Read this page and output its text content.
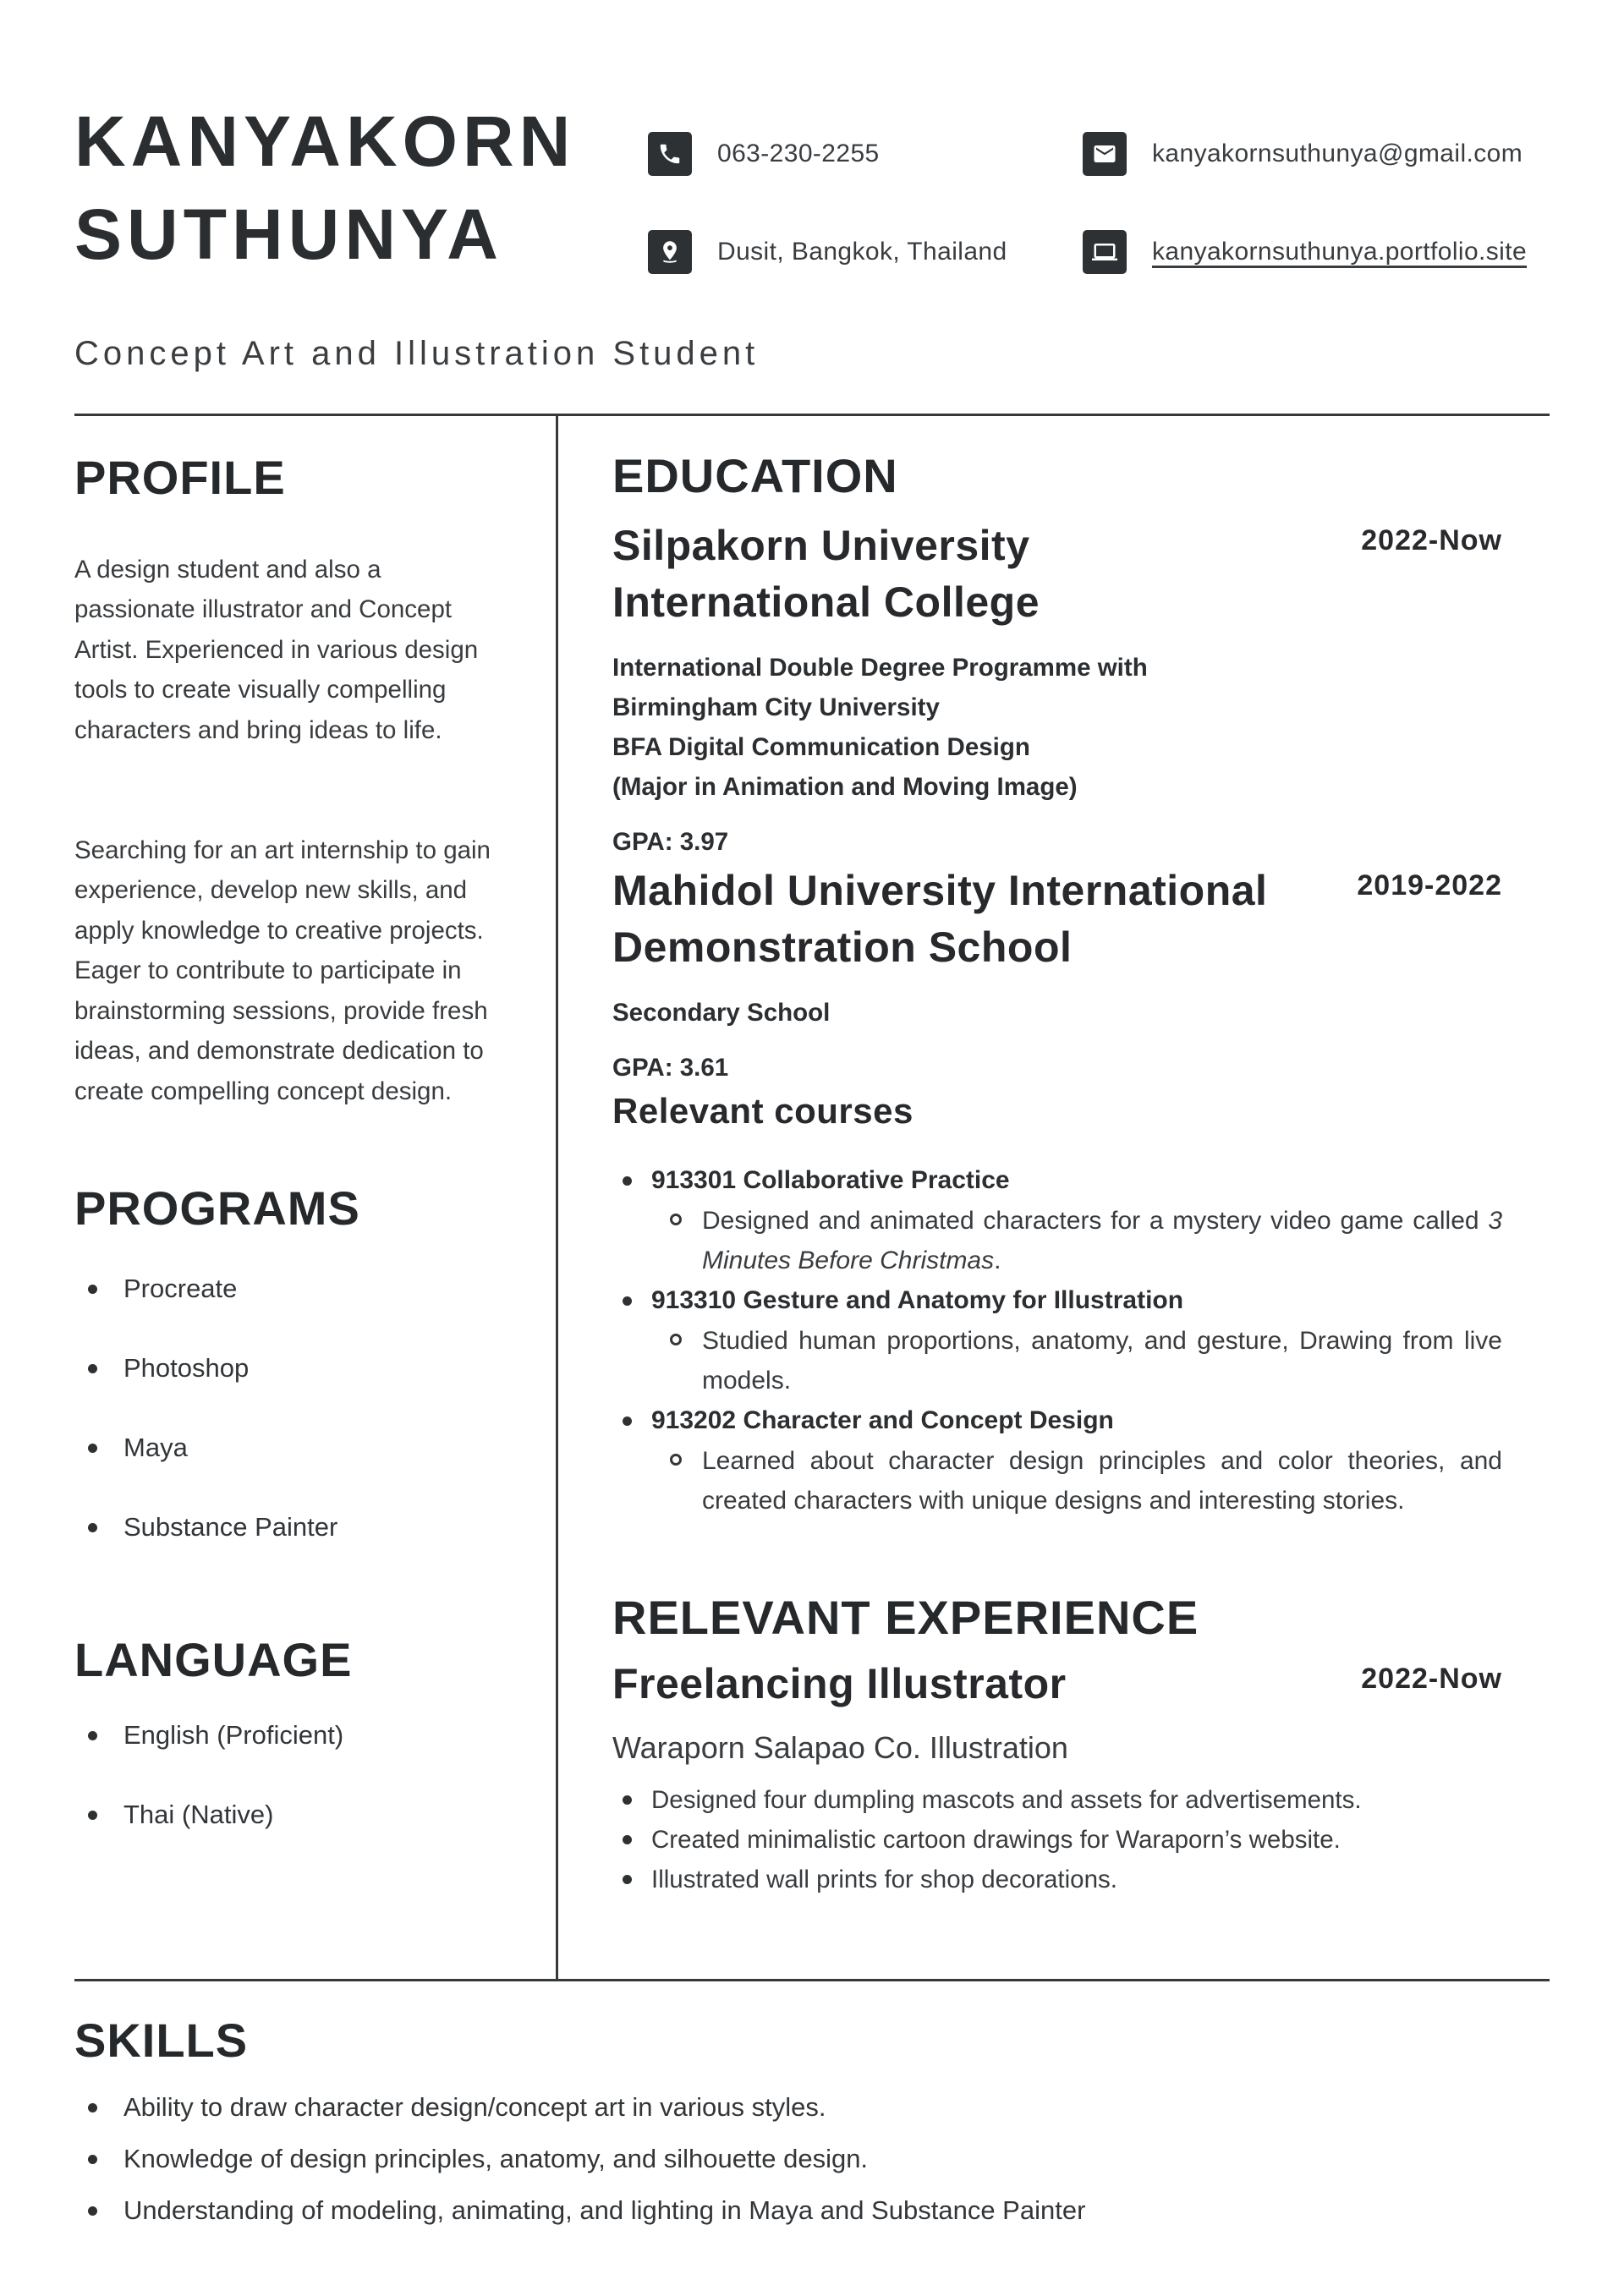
KANYAKORN
SUTHUNYA
063-230-2255	kanyakornsuthunya@gmail.com
Dusit, Bangkok, Thailand	kanyakornsuthunya.portfolio.site
Concept Art and Illustration Student
PROFILE

A design student and also a passionate illustrator and Concept Artist. Experienced in various design tools to create visually compelling characters and bring ideas to life.

Searching for an art internship to gain experience, develop new skills, and apply knowledge to creative projects. Eager to contribute to participate in brainstorming sessions, provide fresh ideas, and demonstrate dedication to create compelling concept design.

PROGRAMS
Procreate
Photoshop
Maya
Substance Painter
LANGUAGE
English (Proficient)
Thai (Native)
EDUCATION
Silpakorn University
International College
2022-Now
International Double Degree Programme with
Birmingham City University
BFA Digital Communication Design
(Major in Animation and Moving Image)
GPA: 3.97
Mahidol University International
Demonstration School
2019-2022
Secondary School
GPA: 3.61
Relevant courses
913301 Collaborative Practice
Designed and animated characters for a mystery video game called 3 Minutes Before Christmas.
913310 Gesture and Anatomy for Illustration
Studied human proportions, anatomy, and gesture, Drawing from live models.
913202 Character and Concept Design
Learned about character design principles and color theories, and created characters with unique designs and interesting stories.
RELEVANT EXPERIENCE
Freelancing Illustrator	2022-Now
Waraporn Salapao Co. Illustration
Designed four dumpling mascots and assets for advertisements.
Created minimalistic cartoon drawings for Waraporn’s website.
Illustrated wall prints for shop decorations.
SKILLS
Ability to draw character design/concept art in various styles.
Knowledge of design principles, anatomy, and silhouette design.
Understanding of modeling, animating, and lighting in Maya and Substance Painter
